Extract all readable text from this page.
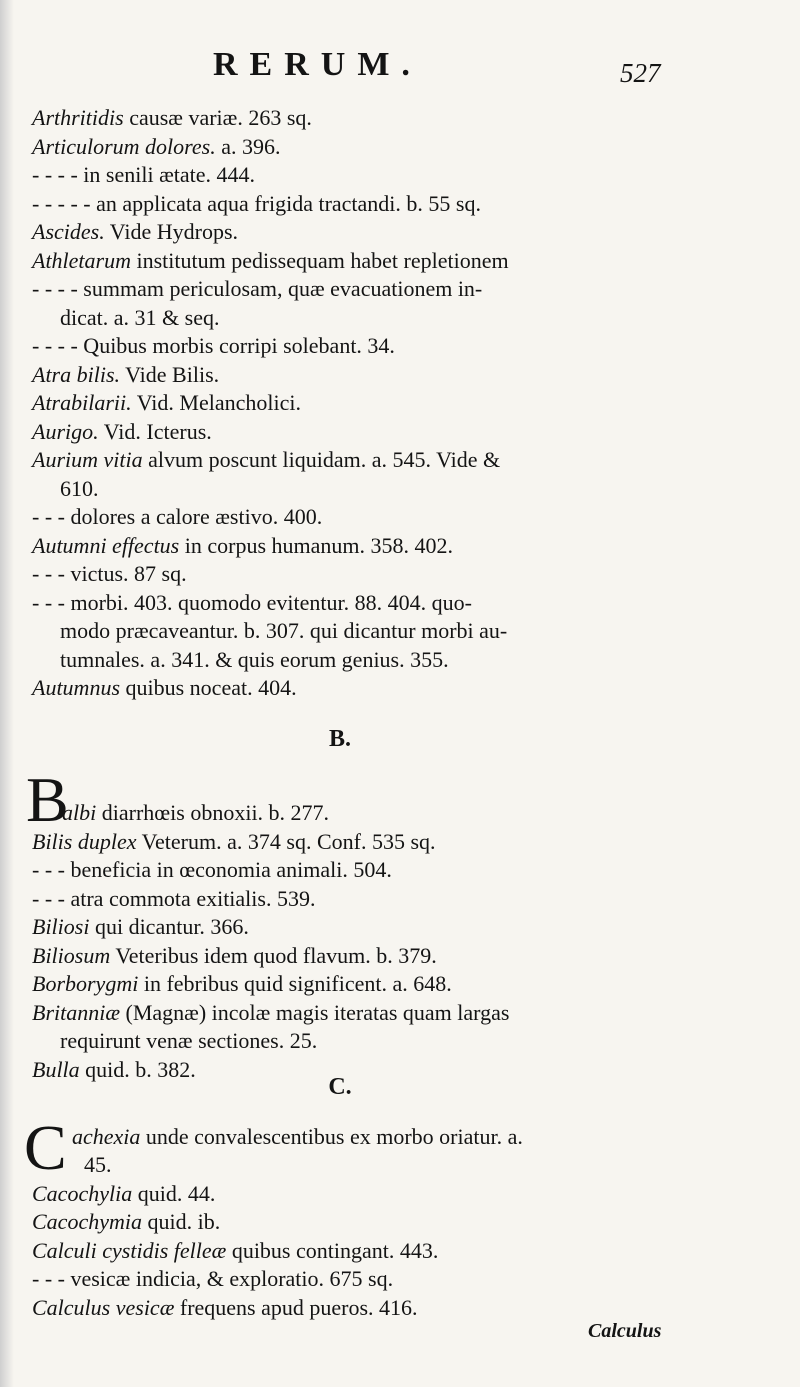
RERUM.	527
Arthritidis causæ variæ. 263 sq.
Articulorum dolores. a. 396.
- - - - in senili ætate. 444.
- - - - - an applicata aqua frigida tractandi. b. 55 sq.
Ascides. Vide Hydrops.
Athletarum institutum pedissequam habet repletionem
- - - - summam periculosam, quæ evacuationem in-
dicat. a. 31 & seq.
- - - - Quibus morbis corripi solebant. 34.
Atra bilis. Vide Bilis.
Atrabilarii. Vid. Melancholici.
Aurigo. Vid. Icterus.
Aurium vitia alvum poscunt liquidam. a. 545. Vide &
610.
- - - dolores a calore æstivo. 400.
Autumni effectus in corpus humanum. 358. 402.
- - - victus. 87 sq.
- - - morbi. 403. quomodo evitentur. 88. 404. quo-
modo præcaveantur. b. 307. qui dicantur morbi au-
tumnales. a. 341. & quis eorum genius. 355.
Autumnus quibus noceat. 404.
B.
B
albi diarrhœis obnoxii. b. 277.
Bilis duplex Veterum. a. 374 sq. Conf. 535 sq.
- - - beneficia in œconomia animali. 504.
- - - atra commota exitialis. 539.
Biliosi qui dicantur. 366.
Biliosum Veteribus idem quod flavum. b. 379.
Borborygmi in febribus quid significent. a. 648.
Britanniæ (Magnæ) incolæ magis iteratas quam largas
requirunt venæ sectiones. 25.
Bulla quid. b. 382.
C.
C achexia unde convalescentibus ex morbo oriatur. a.
45.
Cacochylia quid. 44.
Cacochymia quid. ib.
Calculi cystidis felleæ quibus contingant. 443.
- - - vesicæ indicia, & exploratio. 675 sq.
Calculus vesicæ frequens apud pueros. 416.
Calculus
